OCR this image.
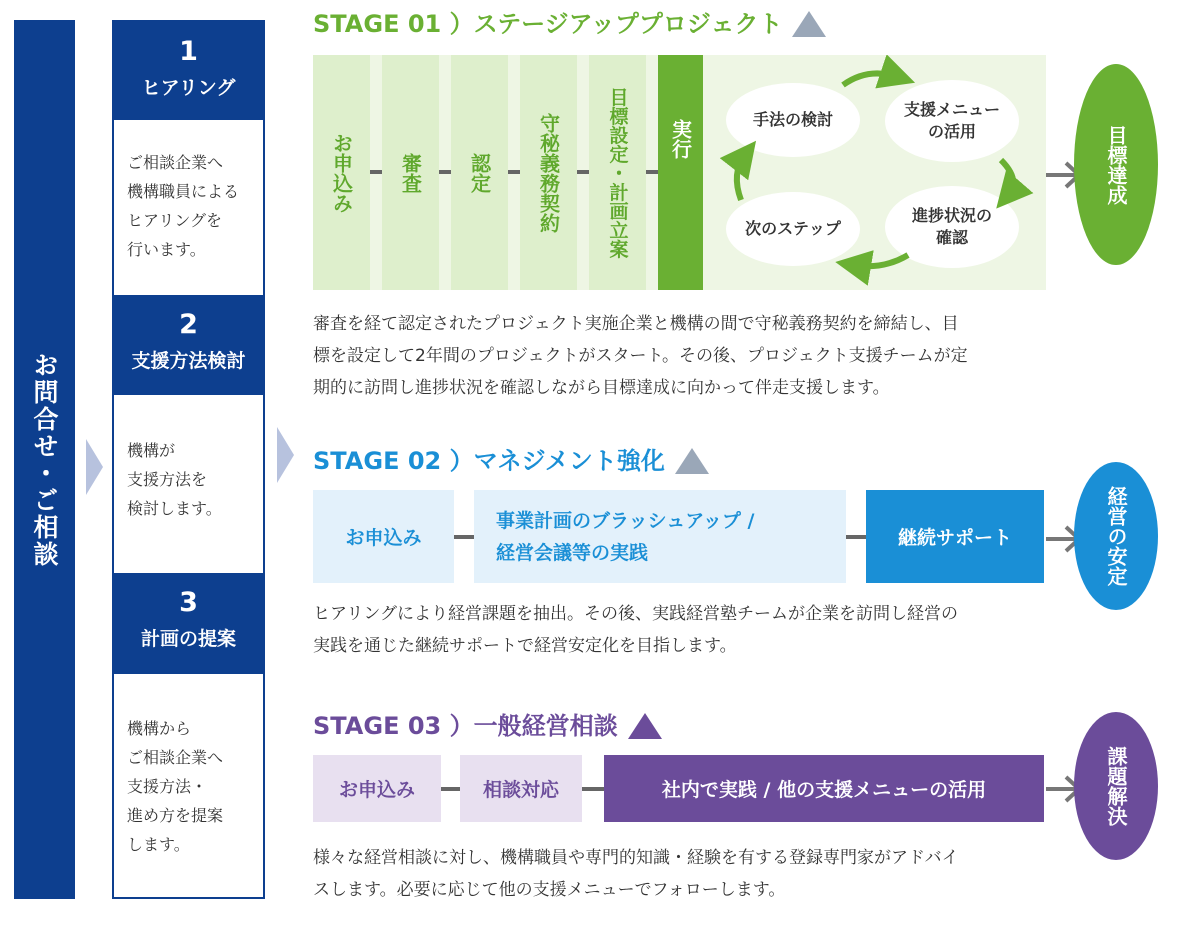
お問合せ・ご相談
1
ヒアリング
ご相談企業へ
機構職員による
ヒアリングを
行います。
2
支援方法検討
機構が
支援方法を
検討します。
3
計画の提案
機構から
ご相談企業へ
支援方法・
進め方を提案
します。
STAGE 01 ）ステージアッププロジェクト
お申込み	審査	認定	守秘義務契約 目標設定・計画立案	実行	手法の検討
支援メニュー
の活用
進捗状況の
確認
次のステップ
目標達成
審査を経て認定されたプロジェクト実施企業と機構の間で守秘義務契約を締結し、目
標を設定して2年間のプロジェクトがスタート。その後、プロジェクト支援チームが定
期的に訪問し進捗状況を確認しながら目標達成に向かって伴走支援します。
STAGE 02 ）マネジメント強化
お申込み
事業計画のブラッシュアップ /
経営会議等の実践
継続サポート	経営の安定
ヒアリングにより経営課題を抽出。その後、実践経営塾チームが企業を訪問し経営の
実践を通じた継続サポートで経営安定化を目指します。
STAGE 03 ）一般経営相談
お申込み	相談対応	社内で実践 / 他の支援メニューの活用	課題解決
様々な経営相談に対し、機構職員や専門的知識・経験を有する登録専門家がアドバイ
スします。必要に応じて他の支援メニューでフォローします。
